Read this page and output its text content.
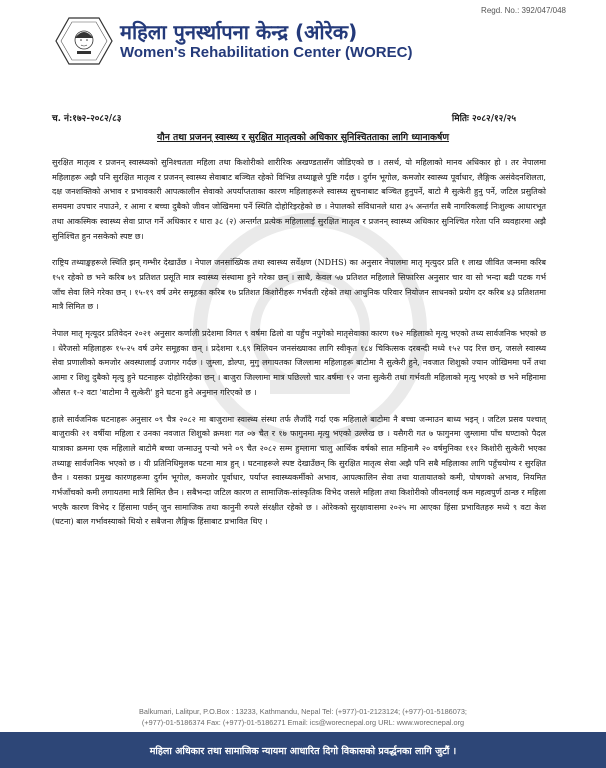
Regd. No.: 392/047/048
महिला पुनर्स्थापना केन्द्र (ओरेक)
Women's Rehabilitation Center (WOREC)
च. नं:१७२-२०८२/८३	मितिः २०८२/१२/२५
यौन तथा प्रजनन् स्वास्थ्य र सुरक्षित मातृत्वको अधिकार सुनिश्चितताका लागि ध्यानाकर्षण

सुरक्षित मातृत्व र प्रजनन् स्वास्थ्यको सुनिश्चतता महिला तथा किशोरीको शारीरिक अखण्डतासँग जोडिएको छ । तसर्थ, यो महिलाको मानव अधिकार हो । तर नेपालमा महिलाहरू अझै पनि सुरक्षित मातृत्व र प्रजनन् स्वास्थ्य सेवाबाट बञ्चित रहेको विभिन्न तथ्याङ्कले पुष्टि गर्दछ । दुर्गम भूगोल, कमजोर स्वास्थ्य पूर्वाधार, लैङ्गिक असंवेदनशिलता, दक्ष जनशक्तिको अभाव र प्रभावकारी आपत्कालीन सेवाको अपर्याप्तताका कारण महिलाहरूले स्वास्थ्य सुचनाबाट बञ्चित हुनुपर्ने, बाटो मै सुत्केरी हुनु पर्ने, जटिल प्रसुतिको समयमा उपचार नपाउने, र आमा र बच्चा दुबैको जीवन जोखिममा पर्ने स्थिति दोहोरिइरहेको छ । नेपालको संविधानले धारा ३५ अन्तर्गत सबै नागरिकलाई निःशुल्क आधारभूत तथा आकस्मिक स्वास्थ्य सेवा प्राप्त गर्ने अधिकार र धारा ३८ (२) अन्तर्गत प्रत्येक महिलालाई सुरक्षित मातृत्व र प्रजनन् स्वास्थ्य अधिकार सुनिश्चित गरेता पनि व्यवहारमा अझै सुनिश्चित हुन नसकेको स्पष्ट छ।

राष्ट्रिय तथ्याङ्कहरूले स्थिति झन् गम्भीर देखाउँछ । नेपाल जनसांख्यिक तथा स्वास्थ्य सर्वेक्षण (NDHS) का अनुसार नेपालमा मातृ मृत्युदर प्रति १ लाख जीवित जन्ममा करिब १५१ रहेको छ भने करिब ७९ प्रतिशत प्रसूति मात्र स्वास्थ्य संस्थामा हुने गरेका छन् । साथै, केवल ५७ प्रतिशत महिलाले सिफारिस अनुसार चार वा सो भन्दा बढी पटक गर्भ जाँच सेवा लिने गरेका छन् । १५-१९ वर्ष उमेर समूहका करिब १७ प्रतिशत किशोरीहरू गर्भवती रहेको तथा आधुनिक परिवार नियोजन साधनको प्रयोग दर करिब ४३ प्रतिशतमा मात्रै सिमित छ ।

नेपाल मातृ मृत्यूदर प्रतिवेदन २०२१ अनुसार कर्णाली प्रदेशमा विगत ९ वर्षमा ढिलो वा पहुँच नपुगेको मातृसेवाका कारण १७२ महिलाको मृत्यु भएको तथ्य सार्वजनिक भएको छ । धेरैजसो महिलाहरू १५-२५ वर्ष उमेर समूहका छन् । प्रदेशमा १.६९ मिलियन जनसंख्याका लागि स्वीकृत १८४ चिकित्सक दरबन्दी मध्ये १५२ पद रित्त छन्, जसले स्वास्थ्य सेवा प्रणालीको कमजोर अवस्थालाई उजागर गर्दछ । जुम्ला, डोल्पा, मुगु लगायतका जिल्लामा महिलाहरू बाटोमा नै सुत्केरी हुने, नवजात शिशुको ज्यान जोखिममा पर्ने तथा आमा र शिशु दुबैको मृत्यु हुने घटनाहरू दोहोरिरहेका छन् । बाजुरा जिल्लामा मात्र पछिल्लो चार वर्षमा १२ जना सुत्केरी तथा गर्भवती महिलाको मृत्यु भएको छ भने महिनामा औसत १-२ वटा 'बाटोमा नै सुत्केरी' हुने घटना हुने अनुमान गरिएको छ ।

हाले सार्वजनिक घटनाहरू अनुसार ०९ चैत्र २०८२ मा बाजुरामा स्वास्थ्य संस्था तर्फ लैजाँदै गर्दा एक महिलाले बाटोमा नै बच्चा जन्माउन बाध्य भइन् । जटिल प्रसव पश्चात् बाजुराकी २१ वर्षीया महिला र उनका नवजात शिशुको क्रमशः गत ०७ चैत र १७ फागुनमा मृत्यु भएको उल्लेख छ । यसैगरी गत ७ फागुनमा जुम्लामा पाँच घण्टाको पैदल यात्राका क्रममा एक महिलाले बाटोमै बच्चा जन्माउनु पर्‍यो भने ०९ चैत २०८२ सम्म हुम्लामा चालु आर्थिक वर्षको सात महिनामै २० वर्षमुनिका ११२ किशोरी सुत्केरी भएका तथ्याङ्क सार्वजनिक भएको छ । यी प्रतिनिधिमुलक घटना मात्र हुन् । घटनाहरूले स्पष्ट देखाउँछन् कि सुरक्षित मातृत्व सेवा अझै पनि सबै महिलाका लागि पहुँचयोग्य र सुरक्षित छैन । यसका प्रमुख कारणहरूमा दुर्गम भूगोल, कमजोर पूर्वाधार, पर्याप्त स्वास्थ्यकर्मीको अभाव, आपत्कालिन सेवा तथा यातायातको कमी, पोषणको अभाव, नियमित गर्भजाँचको कमी लगायतमा मात्रै सिमित छैन । सबैभन्दा जटिल कारण त सामाजिक-सांस्कृतिक विभेद जसले महिला तथा किशोरीको जीवनलाई कम महत्वपुर्ण ठान्छ र महिला भएकै कारण विभेद र हिंसामा पर्छन् जुन सामाजिक तथा कानुनी रुपले संरक्षीत रहेको छ । ओरेकको सुरक्षावासमा २०२५ मा आएका हिंसा प्रभावितहरु मध्ये ९ वटा केश (घटना) बाल गर्भावस्याको थियो र सबैजना लैङ्गिक हिंसाबाट प्रभावित थिए ।

Balkumari, Lalitpur, P.O.Box : 13233, Kathmandu, Nepal Tel: (+977)-01-2123124; (+977)-01-5186073;
(+977)-01-5186374 Fax: (+977)-01-5186271 Email: ics@worecnepal.org URL: www.worecnepal.org
महिला अधिकार तथा सामाजिक न्यायमा आधारित दिगो विकासको प्रवर्द्धनका लागि जुटौं ।
